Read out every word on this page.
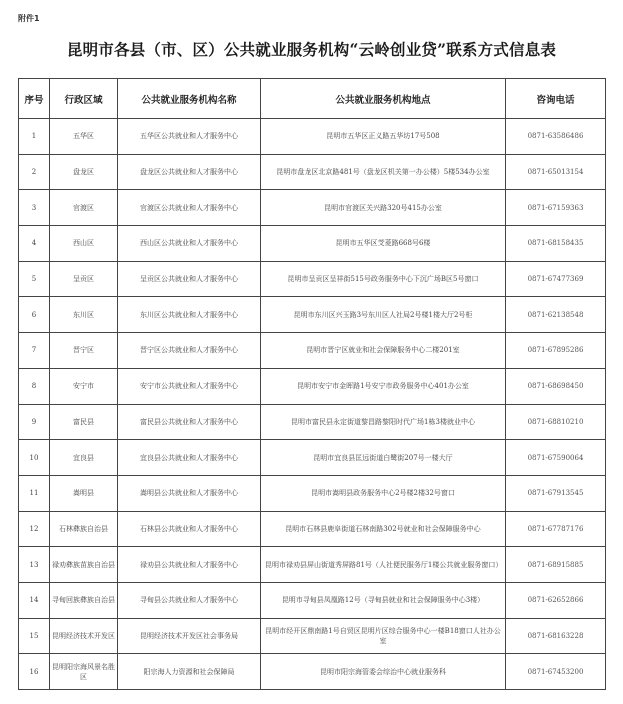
附件1
昆明市各县（市、区）公共就业服务机构“云岭创业贷”联系方式信息表
序号	行政区域	公共就业服务机构名称	公共就业服务机构地点	咨询电话
1	五华区	五华区公共就业和人才服务中心	昆明市五华区正义路五华坊17号508	0871-63586486
2	盘龙区	盘龙区公共就业和人才服务中心	昆明市盘龙区北京路481号（盘龙区机关第一办公楼）5楼534办公室	0871-65013154
3	官渡区	官渡区公共就业和人才服务中心	昆明市官渡区关兴路320号415办公室	0871-67159363
4	西山区	西山区公共就业和人才服务中心	昆明市五华区芠菱路668号6楼	0871-68158435
5	呈贡区	呈贡区公共就业和人才服务中心	昆明市呈贡区呈祥街515号政务服务中心下沉广场B区5号窗口	0871-67477369
6	东川区	东川区公共就业和人才服务中心	昆明市东川区兴玉路3号东川区人社局2号楼1楼大厅2号柜	0871-62138548
7	晋宁区	晋宁区公共就业和人才服务中心	昆明市晋宁区就业和社会保障服务中心二楼201室	0871-67895286
8	安宁市	安宁市公共就业和人才服务中心	昆明市安宁市金晖路1号安宁市政务服务中心401办公室	0871-68698450
9	富民县	富民县公共就业和人才服务中心	昆明市富民县永定街道黎昌路黎阳时代广场1栋3楼就业中心	0871-68810210
10	宜良县	宜良县公共就业和人才服务中心	昆明市宜良县匡远街道白鹭街207号一楼大厅	0871-67590064
11	嵩明县	嵩明县公共就业和人才服务中心	昆明市嵩明县政务服务中心2号楼2楼32号窗口	0871-67913545
12	石林彝族自治县	石林县公共就业和人才服务中心	昆明市石林县鹿阜街道石林南路302号就业和社会保障服务中心	0871-67787176
13	禄劝彝族苗族自治县	禄劝县公共就业和人才服务中心	昆明市禄劝县屏山街道秀屏路81号（人社便民服务厅1楼公共就业服务窗口）	0871-68915885
14	寻甸回族彝族自治县	寻甸县公共就业和人才服务中心	昆明市寻甸县凤凰路12号（寻甸县就业和社会保障服务中心3楼）	0871-62652866
15	昆明经济技术开发区	昆明经济技术开发区社会事务局	昆明市经开区鼎南路1号自贸区昆明片区综合服务中心一楼B18窗口人社办公室	0871-68163228
16	昆明阳宗海风景名胜区	阳宗海人力资源和社会保障局	昆明市阳宗海管委会综治中心就业服务科	0871-67453200
